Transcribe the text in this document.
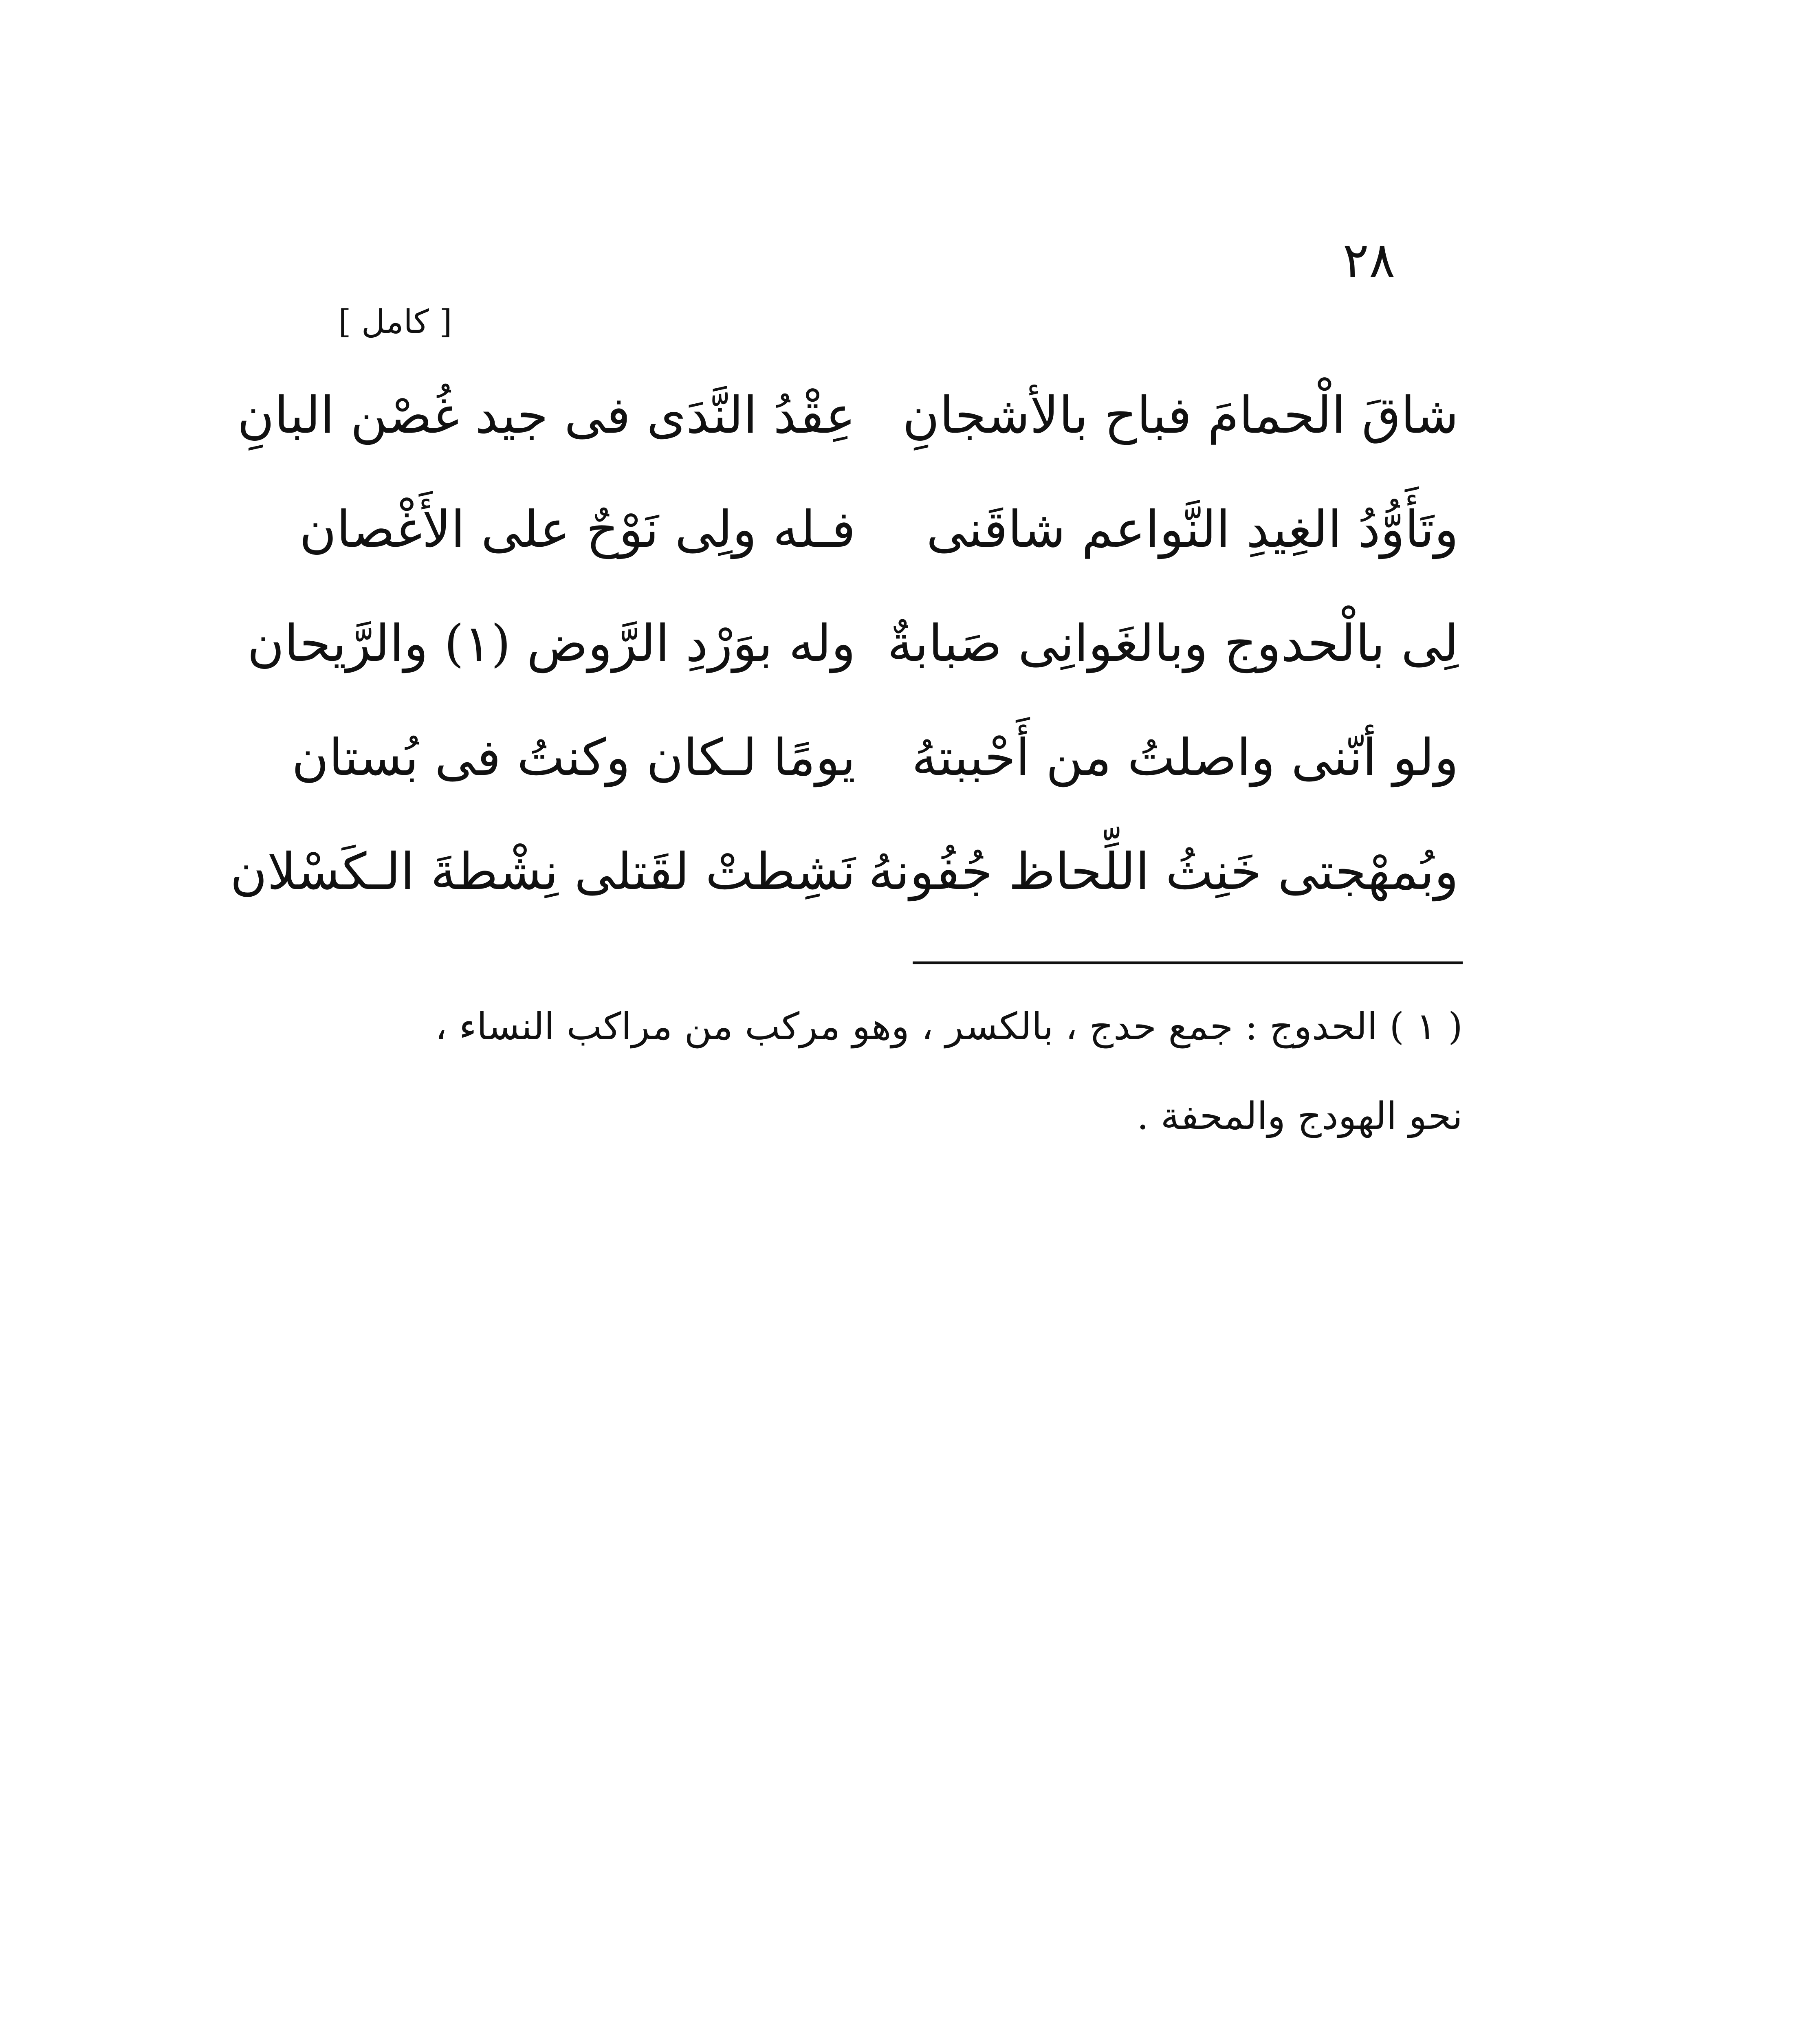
٢٨
[ كامل ]
شاقَ الْحمامَ فباح بالأشجانِ
عِقْدُ النَّدَى فى جيد غُصْن البانِ
وتَأَوُّدُ الغِيدِ النَّواعم شاقَنى
فـله ولِى نَوْحٌ على الأَغْصان
لِى بالْحدوج وبالغَوانِى صَبابةٌ
وله بوَرْدِ الرَّوض (١) والرَّيحان
ولو أنّنى واصلتُ من أَحْببتهُ
يومًا لـكان وكنتُ فى بُستان
وبُمهْجتى خَنِثُ اللِّحاظ جُفُونهُ
نَشِطتْ لقَتلى نِشْطةَ الـكَسْلان
( ١ ) الحدوج : جمع حدج ، بالكسر ، وهو مركب من مراكب النساء ،
نحو الهودج والمحفة .
